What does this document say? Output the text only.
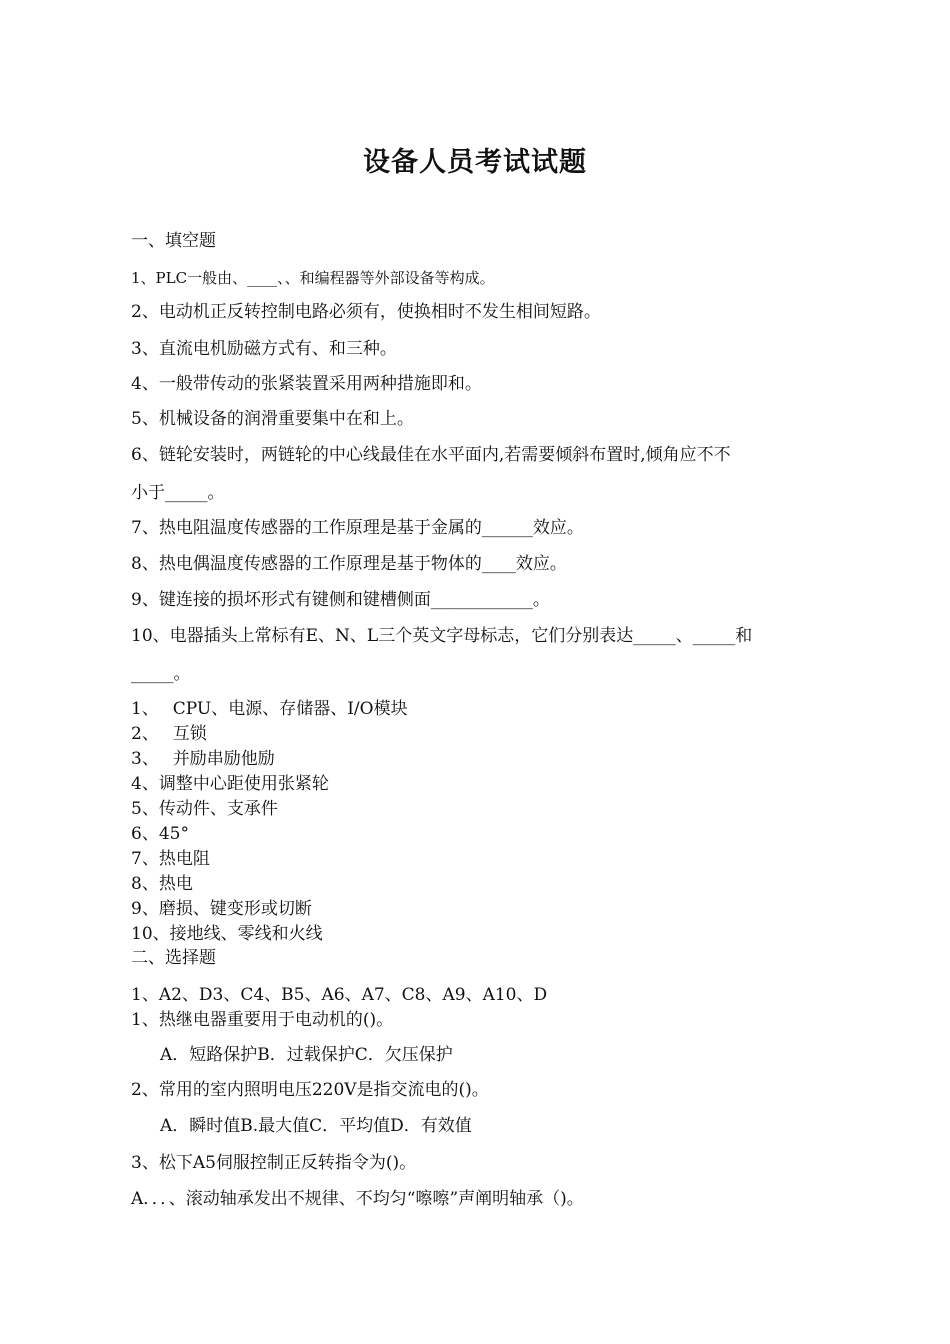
设备人员考试试题
一、填空题
1、PLC一般由、____、、和编程器等外部设备等构成。
2、电动机正反转控制电路必须有，使换相时不发生相间短路。
3、直流电机励磁方式有、和三种。
4、一般带传动的张紧装置采用两种措施即和。
5、机械设备的润滑重要集中在和上。
6、链轮安装时，两链轮的中心线最佳在水平面内,若需要倾斜布置时,倾角应不不
小于_____。
7、热电阻温度传感器的工作原理是基于金属的______效应。
8、热电偶温度传感器的工作原理是基于物体的____效应。
9、键连接的损坏形式有键侧和键槽侧面____________。
10、电器插头上常标有E、N、L三个英文字母标志，它们分别表达_____、_____和
_____。
1、　 CPU、电源、存储器、I/O模块
2、　 互锁
3、　 并励串励他励
4、调整中心距使用张紧轮
5、传动件、支承件
6、45°
7、热电阻
8、热电
9、磨损、键变形或切断
10、接地线、零线和火线
二、选择题
1、A2、D3、C4、B5、A6、A7、C8、A9、A10、D
1、热继电器重要用于电动机的()。
A．短路保护B．过载保护C．欠压保护
2、常用的室内照明电压220V是指交流电的()。
A．瞬时值B.最大值C．平均值D．有效值
3、松下A5伺服控制正反转指令为()。
A．．．、滚动轴承发出不规律、不均匀“嚓嚓”声阐明轴承（)。
